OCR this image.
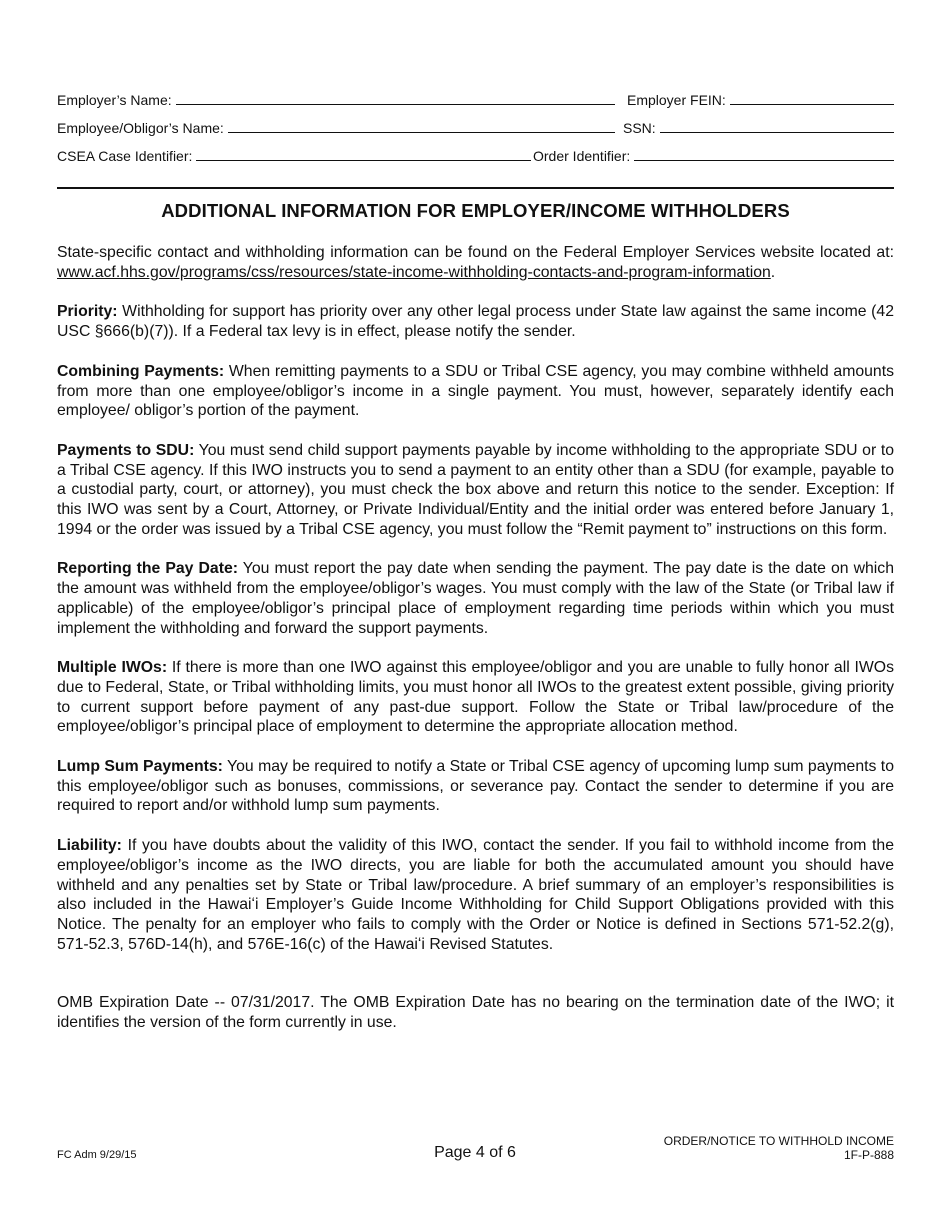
Employer’s Name:	Employer FEIN:
Employee/Obligor’s Name:	SSN:
CSEA Case Identifier:	Order Identifier:
ADDITIONAL INFORMATION FOR EMPLOYER/INCOME WITHHOLDERS

State-specific contact and withholding information can be found on the Federal Employer Services website located at: www.acf.hhs.gov/programs/css/resources/state-income-withholding-contacts-and-program-information.

Priority: Withholding for support has priority over any other legal process under State law against the same income (42 USC §666(b)(7)). If a Federal tax levy is in effect, please notify the sender.

Combining Payments: When remitting payments to a SDU or Tribal CSE agency, you may combine withheld amounts from more than one employee/obligor’s income in a single payment. You must, however, separately identify each employee/ obligor’s portion of the payment.

Payments to SDU: You must send child support payments payable by income withholding to the appropriate SDU or to a Tribal CSE agency. If this IWO instructs you to send a payment to an entity other than a SDU (for example, payable to a custodial party, court, or attorney), you must check the box above and return this notice to the sender. Exception: If this IWO was sent by a Court, Attorney, or Private Individual/Entity and the initial order was entered before January 1, 1994 or the order was issued by a Tribal CSE agency, you must follow the “Remit payment to” instructions on this form.

Reporting the Pay Date: You must report the pay date when sending the payment. The pay date is the date on which the amount was withheld from the employee/obligor’s wages. You must comply with the law of the State (or Tribal law if applicable) of the employee/obligor’s principal place of employment regarding time periods within which you must implement the withholding and forward the support payments.

Multiple IWOs: If there is more than one IWO against this employee/obligor and you are unable to fully honor all IWOs due to Federal, State, or Tribal withholding limits, you must honor all IWOs to the greatest extent possible, giving priority to current support before payment of any past-due support. Follow the State or Tribal law/procedure of the employee/obligor’s principal place of employment to determine the appropriate allocation method.

Lump Sum Payments: You may be required to notify a State or Tribal CSE agency of upcoming lump sum payments to this employee/obligor such as bonuses, commissions, or severance pay. Contact the sender to determine if you are required to report and/or withhold lump sum payments.

Liability: If you have doubts about the validity of this IWO, contact the sender. If you fail to withhold income from the employee/obligor’s income as the IWO directs, you are liable for both the accumulated amount you should have withheld and any penalties set by State or Tribal law/procedure. A brief summary of an employer’s responsibilities is also included in the Hawaiʻi Employer’s Guide Income Withholding for Child Support Obligations provided with this Notice. The penalty for an employer who fails to comply with the Order or Notice is defined in Sections 571-52.2(g), 571-52.3, 576D-14(h), and 576E-16(c) of the Hawaiʻi Revised Statutes.

OMB Expiration Date -- 07/31/2017. The OMB Expiration Date has no bearing on the termination date of the IWO; it identifies the version of the form currently in use.

FC Adm 9/29/15	Page 4 of 6
ORDER/NOTICE TO WITHHOLD INCOME
1F-P-888
